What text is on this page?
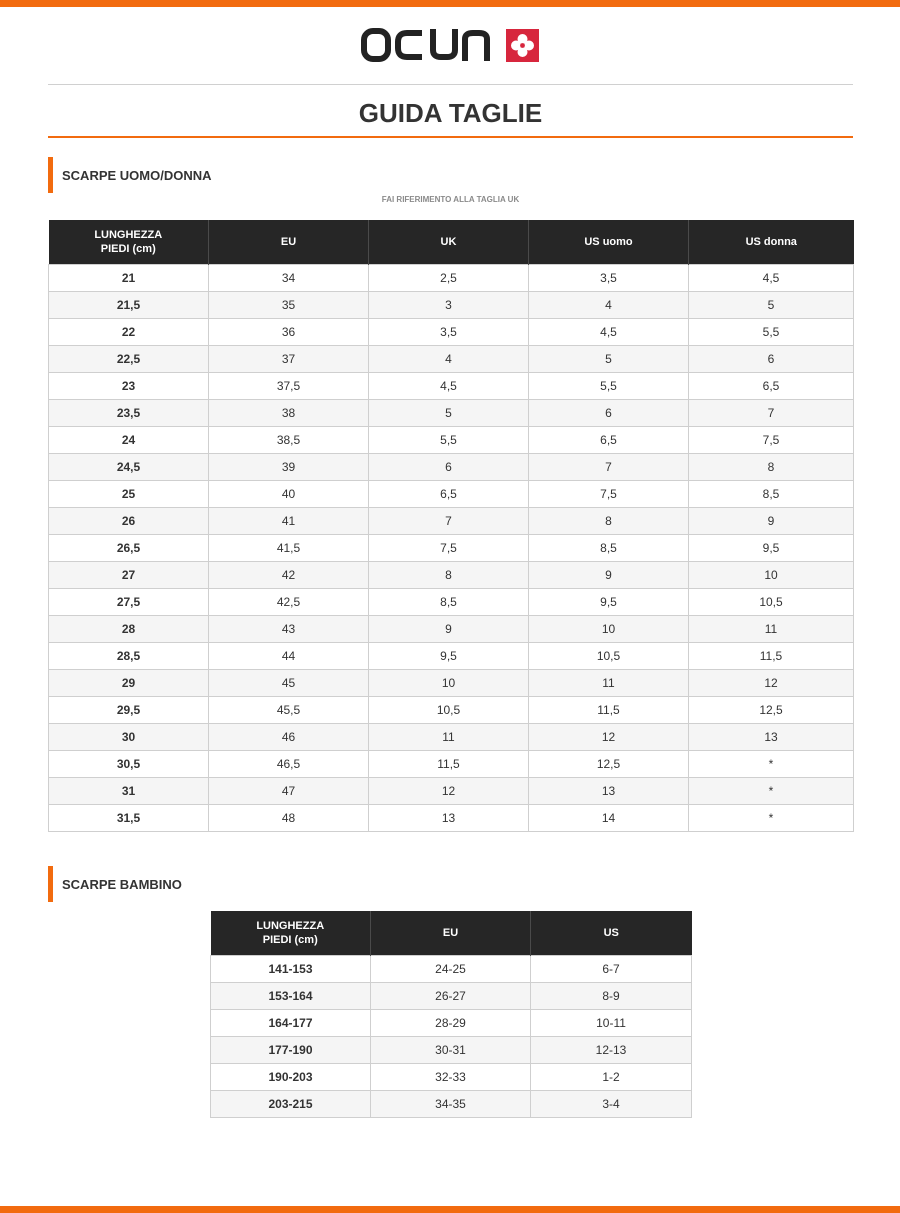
GUIDA TAGLIE
SCARPE UOMO/DONNA
FAI RIFERIMENTO ALLA TAGLIA UK
LUNGHEZZA PIEDI (cm)	EU	UK	US uomo	US donna
21	34	2,5	3,5	4,5
21,5	35	3	4	5
22	36	3,5	4,5	5,5
22,5	37	4	5	6
23	37,5	4,5	5,5	6,5
23,5	38	5	6	7
24	38,5	5,5	6,5	7,5
24,5	39	6	7	8
25	40	6,5	7,5	8,5
26	41	7	8	9
26,5	41,5	7,5	8,5	9,5
27	42	8	9	10
27,5	42,5	8,5	9,5	10,5
28	43	9	10	11
28,5	44	9,5	10,5	11,5
29	45	10	11	12
29,5	45,5	10,5	11,5	12,5
30	46	11	12	13
30,5	46,5	11,5	12,5	*
31	47	12	13	*
31,5	48	13	14	*
SCARPE BAMBINO
LUNGHEZZA PIEDI (cm)	EU	US
141-153	24-25	6-7
153-164	26-27	8-9
164-177	28-29	10-11
177-190	30-31	12-13
190-203	32-33	1-2
203-215	34-35	3-4
